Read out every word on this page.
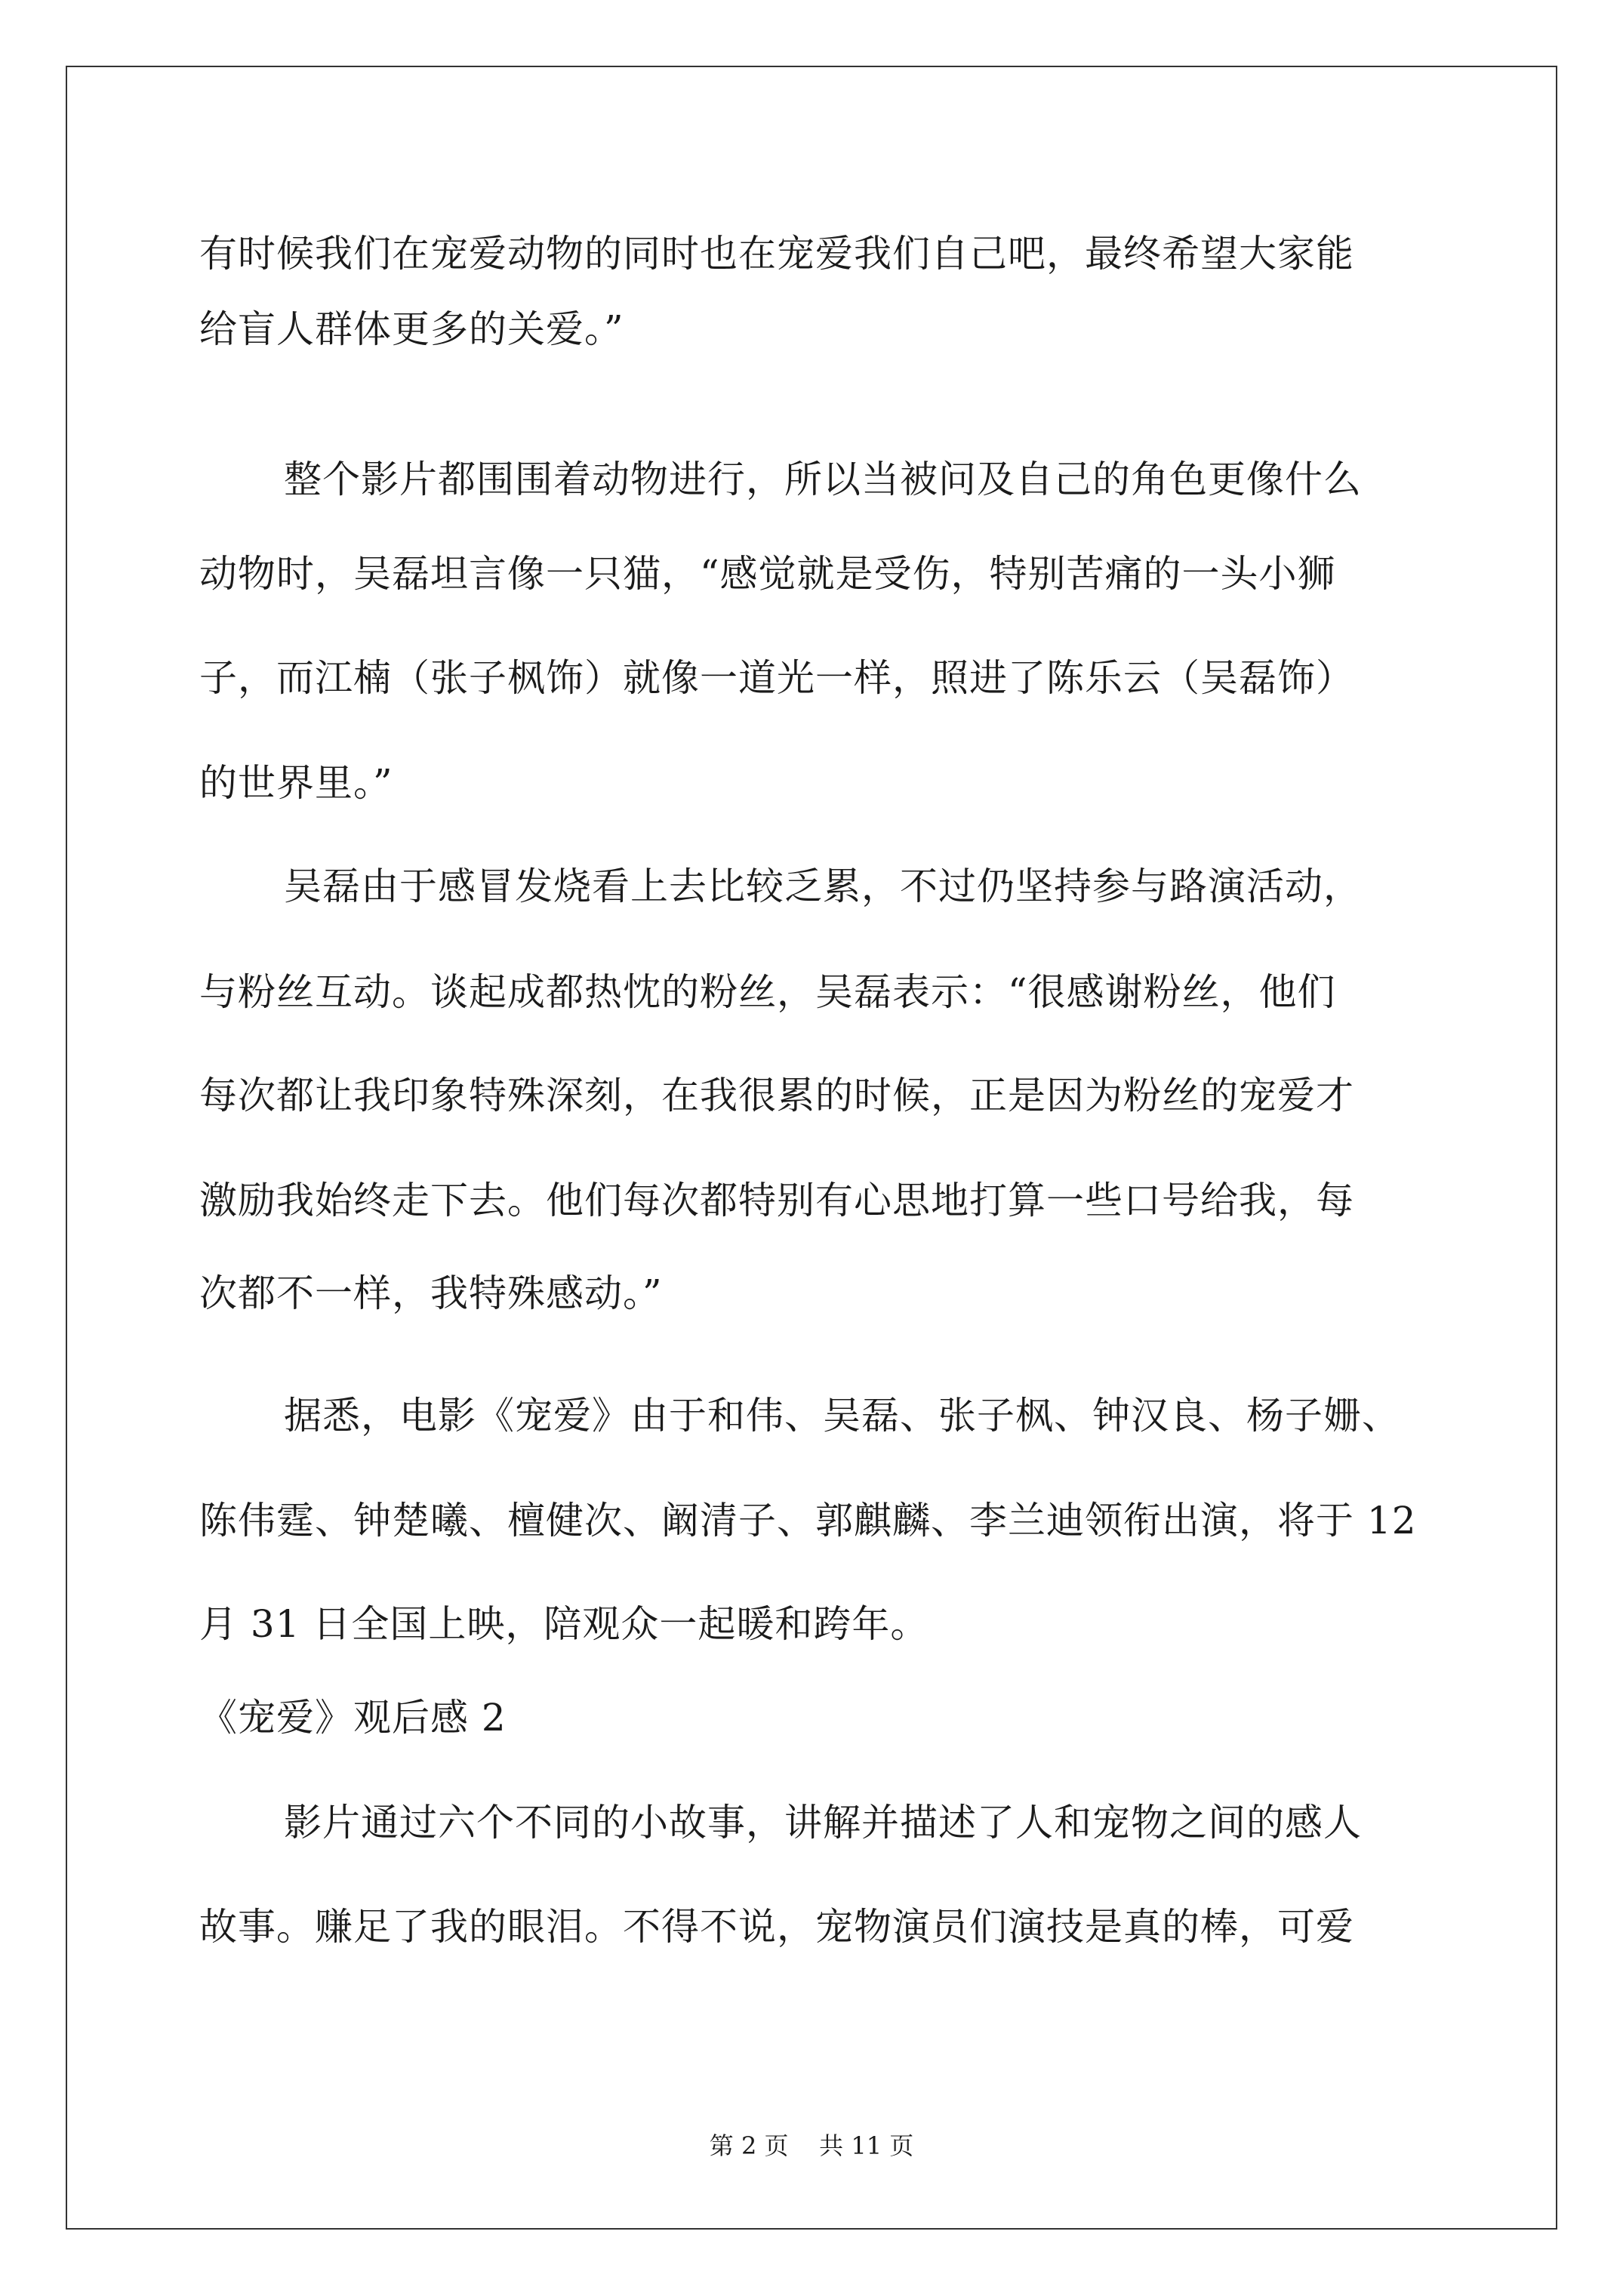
有时候我们在宠爱动物的同时也在宠爱我们自己吧，最终希望大家能
给盲人群体更多的关爱。”
整个影片都围围着动物进行，所以当被问及自己的角色更像什么
动物时，吴磊坦言像一只猫，“感觉就是受伤，特别苦痛的一头小狮
子，而江楠（张子枫饰）就像一道光一样，照进了陈乐云（吴磊饰）
的世界里。”
吴磊由于感冒发烧看上去比较乏累，不过仍坚持参与路演活动，
与粉丝互动。谈起成都热忱的粉丝，吴磊表示：“很感谢粉丝，他们
每次都让我印象特殊深刻，在我很累的时候，正是因为粉丝的宠爱才
激励我始终走下去。他们每次都特别有心思地打算一些口号给我，每
次都不一样，我特殊感动。”
据悉，电影《宠爱》由于和伟、吴磊、张子枫、钟汉良、杨子姗、
陈伟霆、钟楚曦、檀健次、阚清子、郭麒麟、李兰迪领衔出演，将于 12
月 31 日全国上映，陪观众一起暖和跨年。
《宠爱》观后感 2
影片通过六个不同的小故事，讲解并描述了人和宠物之间的感人
故事。赚足了我的眼泪。不得不说，宠物演员们演技是真的棒，可爱
第 2 页    共 11 页
